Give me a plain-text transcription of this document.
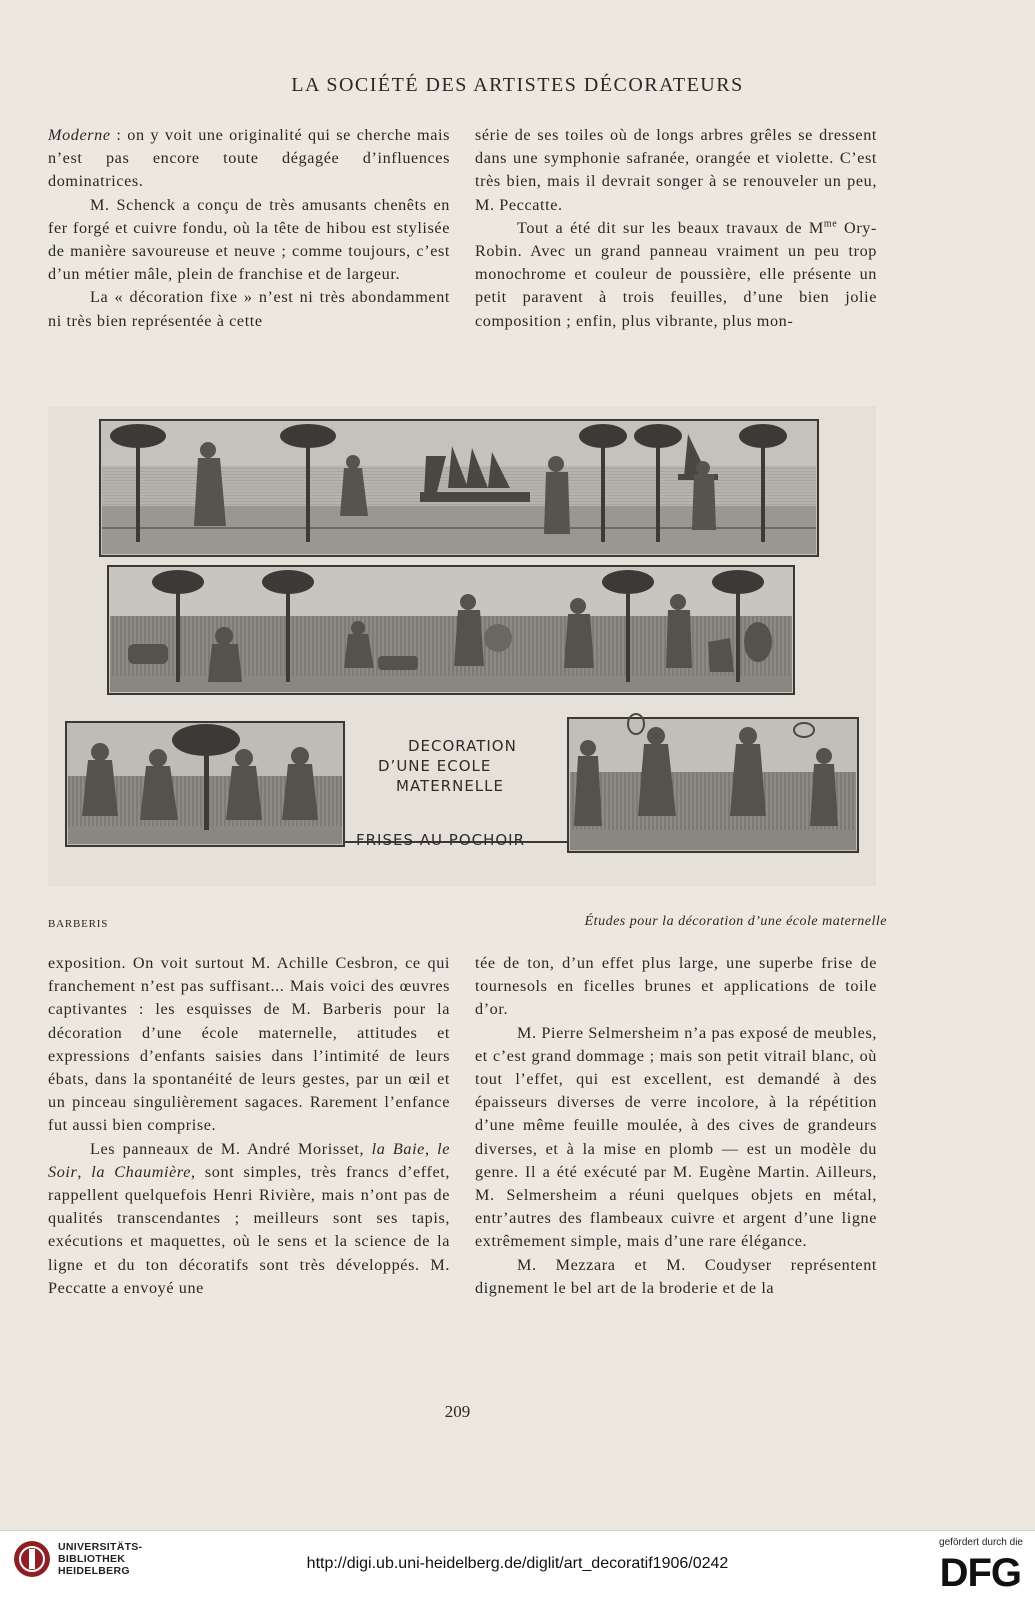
LA SOCIÉTÉ DES ARTISTES DÉCORATEURS

Moderne : on y voit une originalité qui se cherche mais n’est pas encore toute dégagée d’influences dominatrices.

M. Schenck a conçu de très amusants chenêts en fer forgé et cuivre fondu, où la tête de hibou est stylisée de manière savoureuse et neuve ; comme toujours, c’est d’un métier mâle, plein de franchise et de largeur.

La « décoration fixe » n’est ni très abondamment ni très bien représentée à cette

série de ses toiles où de longs arbres grêles se dressent dans une symphonie safranée, orangée et violette. C’est très bien, mais il devrait songer à se renouveler un peu, M. Peccatte.

Tout a été dit sur les beaux travaux de $M^{me}$ Ory-Robin. Avec un grand panneau vraiment un peu trop monochrome et couleur de poussière, elle présente un petit paravent à trois feuilles, d’une bien jolie composition ; enfin, plus vibrante, plus mon-

DECORATION
D’UNE ECOLE
MATERNELLE
FRISES AU POCHOIR
BARBERIS	Études pour la décoration d’une école maternelle

exposition. On voit surtout M. Achille Cesbron, ce qui franchement n’est pas suffisant... Mais voici des œuvres captivantes : les esquisses de M. Barberis pour la décoration d’une école maternelle, attitudes et expressions d’enfants saisies dans l’intimité de leurs ébats, dans la spontanéité de leurs gestes, par un œil et un pinceau singulièrement sagaces. Rarement l’enfance fut aussi bien comprise.

Les panneaux de M. André Morisset, la Baie, le Soir, la Chaumière, sont simples, très francs d’effet, rappellent quelquefois Henri Rivière, mais n’ont pas de qualités transcendantes ; meilleurs sont ses tapis, exécutions et maquettes, où le sens et la science de la ligne et du ton décoratifs sont très développés. M. Peccatte a envoyé une

tée de ton, d’un effet plus large, une superbe frise de tournesols en ficelles brunes et applications de toile d’or.

M. Pierre Selmersheim n’a pas exposé de meubles, et c’est grand dommage ; mais son petit vitrail blanc, où tout l’effet, qui est excellent, est demandé à des épaisseurs diverses de verre incolore, à la répétition d’une même feuille moulée, à des cives de grandeurs diverses, et à la mise en plomb — est un modèle du genre. Il a été exécuté par M. Eugène Martin. Ailleurs, M. Selmersheim a réuni quelques objets en métal, entr’autres des flambeaux cuivre et argent d’une ligne extrêmement simple, mais d’une rare élégance.

M. Mezzara et M. Coudyser représentent dignement le bel art de la broderie et de la

209
UNIVERSITÄTS-
BIBLIOTHEK
HEIDELBERG	http://digi.ub.uni-heidelberg.de/diglit/art_decoratif1906/0242
gefördert durch die
DFG
